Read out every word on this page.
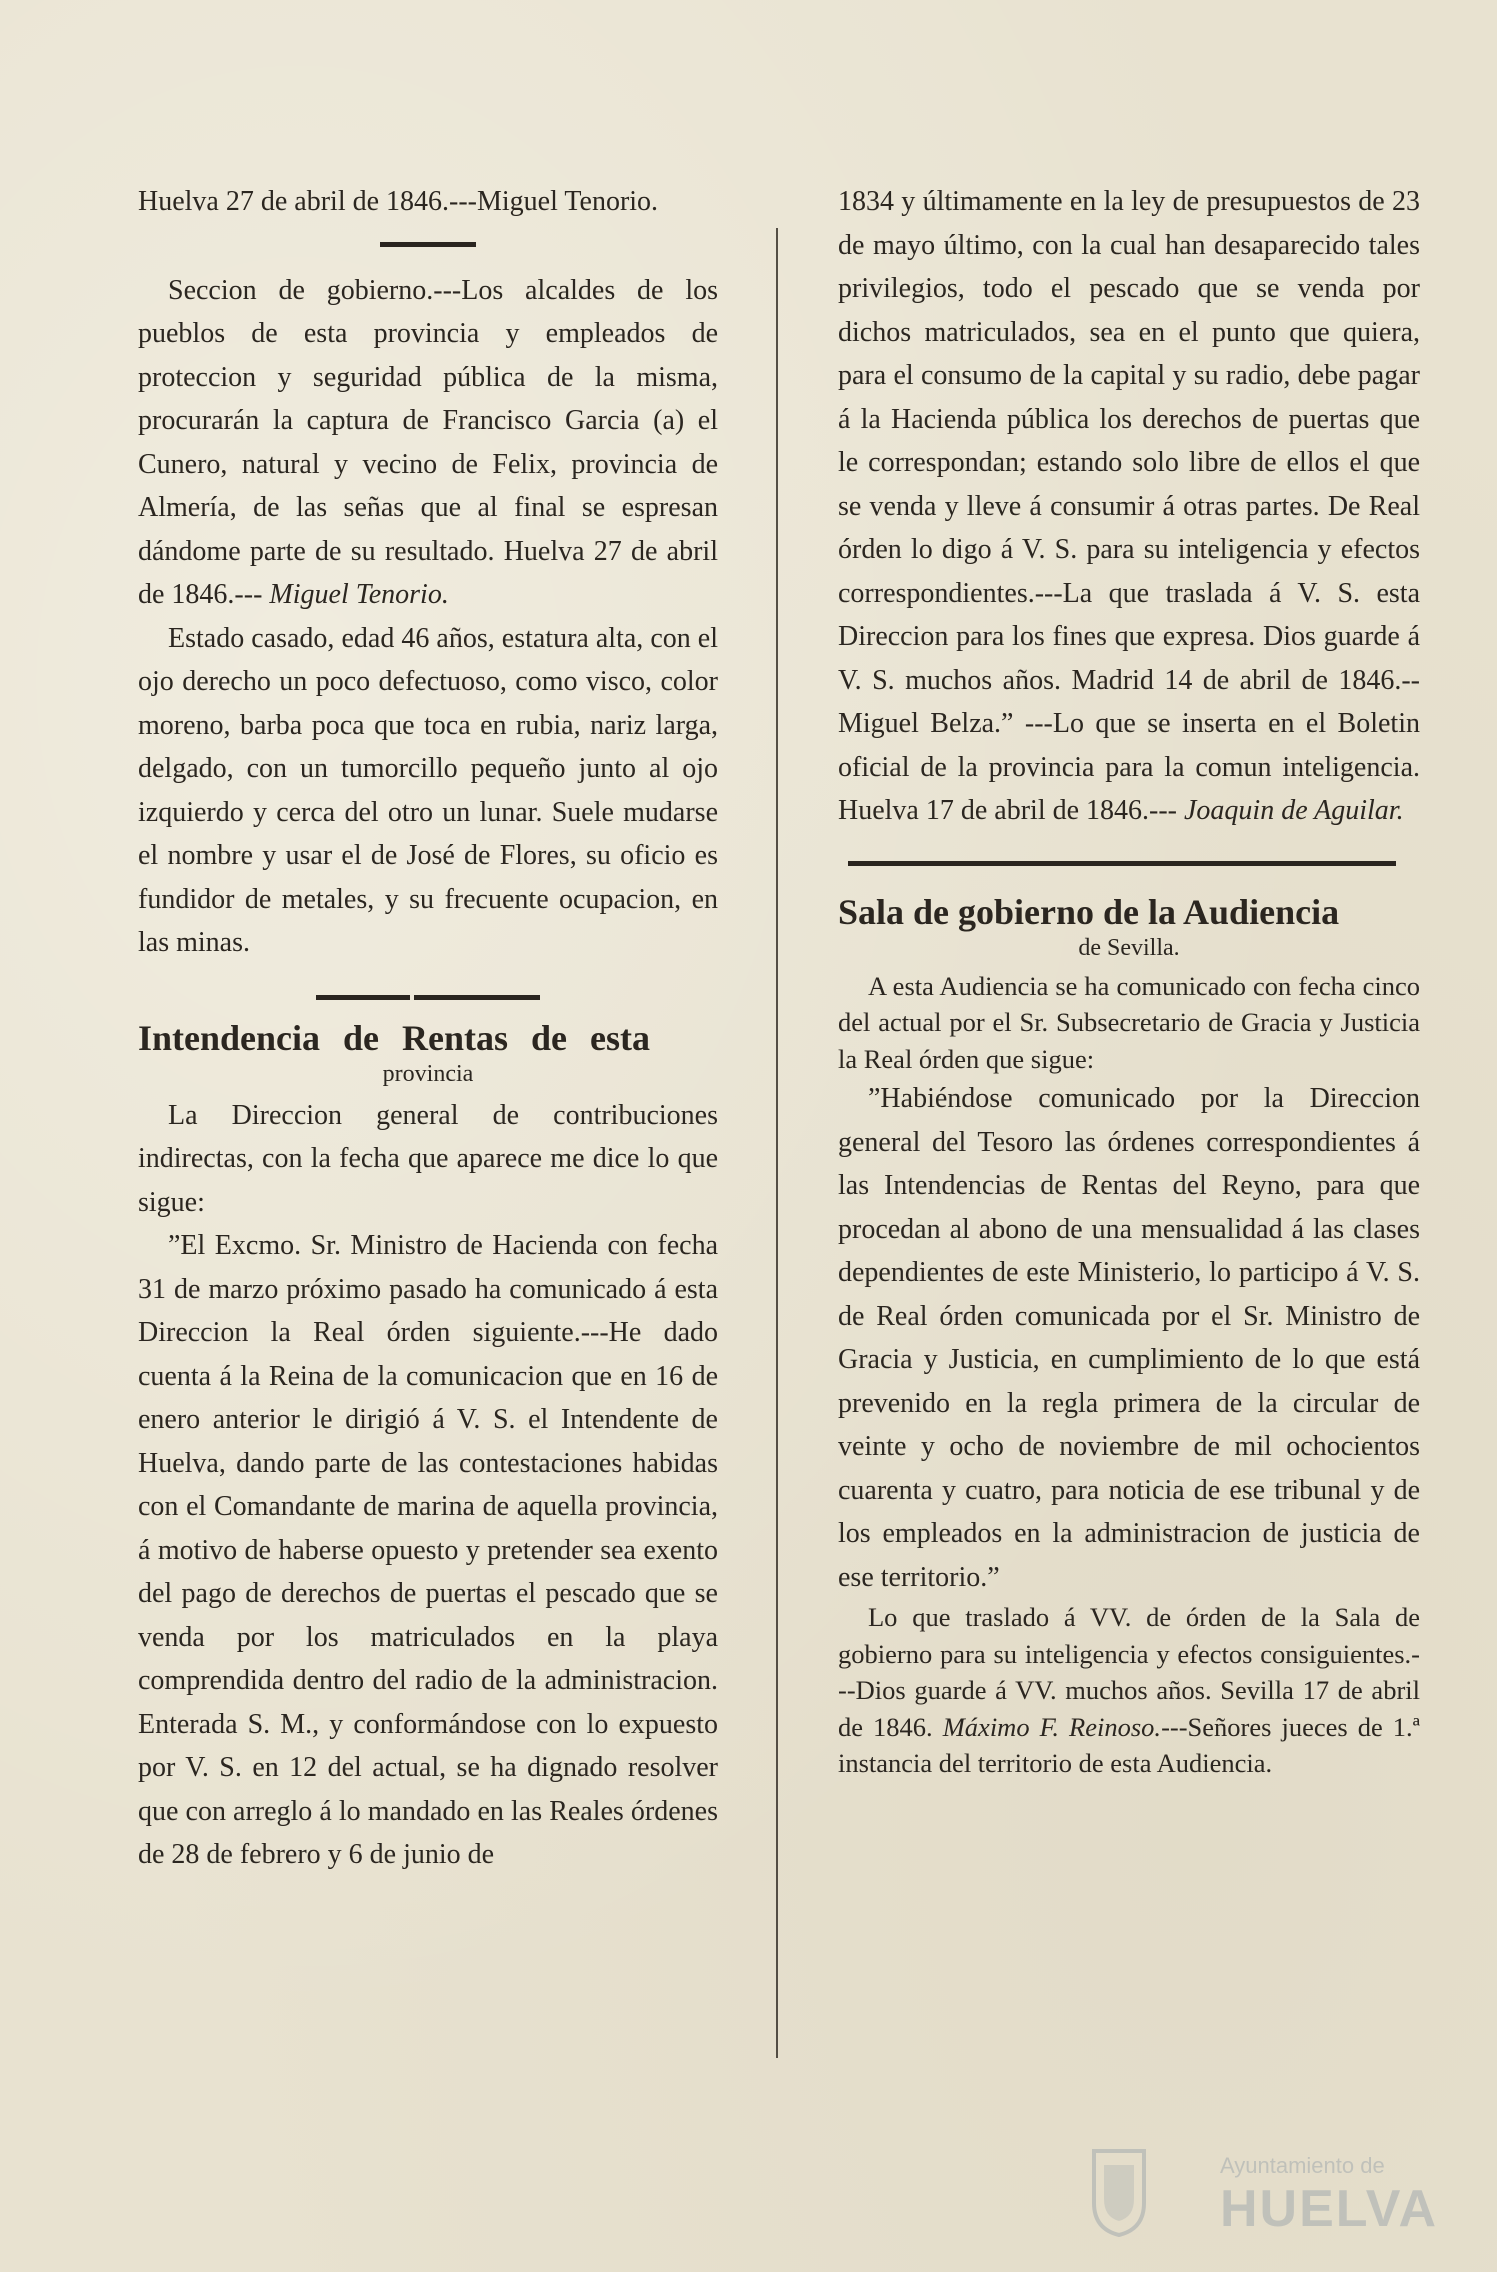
Huelva 27 de abril de 1846.---Miguel Tenorio.

Seccion de gobierno.---Los alcaldes de los pueblos de esta provincia y empleados de proteccion y seguridad pública de la misma, procurarán la captura de Francisco Garcia (a) el Cunero, natural y vecino de Felix, provincia de Almería, de las señas que al final se espresan dándome parte de su resultado. Huelva 27 de abril de 1846.--- Miguel Tenorio.

Estado casado, edad 46 años, estatura alta, con el ojo derecho un poco defectuoso, como visco, color moreno, barba poca que toca en rubia, nariz larga, delgado, con un tumorcillo pequeño junto al ojo izquierdo y cerca del otro un lunar. Suele mudarse el nombre y usar el de José de Flores, su oficio es fundidor de metales, y su frecuente ocupacion, en las minas.

Intendencia de Rentas de esta
provincia

La Direccion general de contribuciones indirectas, con la fecha que aparece me dice lo que sigue:

”El Excmo. Sr. Ministro de Hacienda con fecha 31 de marzo próximo pasado ha comunicado á esta Direccion la Real órden siguiente.---He dado cuenta á la Reina de la comunicacion que en 16 de enero anterior le dirigió á V. S. el Intendente de Huelva, dando parte de las contestaciones habidas con el Comandante de marina de aquella provincia, á motivo de haberse opuesto y pretender sea exento del pago de derechos de puertas el pescado que se venda por los matriculados en la playa comprendida dentro del radio de la administracion. Enterada S. M., y conformándose con lo expuesto por V. S. en 12 del actual, se ha dignado resolver que con arreglo á lo mandado en las Reales órdenes de 28 de febrero y 6 de junio de

1834 y últimamente en la ley de presupuestos de 23 de mayo último, con la cual han desaparecido tales privilegios, todo el pescado que se venda por dichos matriculados, sea en el punto que quiera, para el consumo de la capital y su radio, debe pagar á la Hacienda pública los derechos de puertas que le correspondan; estando solo libre de ellos el que se venda y lleve á consumir á otras partes. De Real órden lo digo á V. S. para su inteligencia y efectos correspondientes.---La que traslada á V. S. esta Direccion para los fines que expresa. Dios guarde á V. S. muchos años. Madrid 14 de abril de 1846.--Miguel Belza.” ---Lo que se inserta en el Boletin oficial de la provincia para la comun inteligencia. Huelva 17 de abril de 1846.--- Joaquin de Aguilar.

Sala de gobierno de la Audiencia
de Sevilla.

A esta Audiencia se ha comunicado con fecha cinco del actual por el Sr. Subsecretario de Gracia y Justicia la Real órden que sigue:

”Habiéndose comunicado por la Direccion general del Tesoro las órdenes correspondientes á las Intendencias de Rentas del Reyno, para que procedan al abono de una mensualidad á las clases dependientes de este Ministerio, lo participo á V. S. de Real órden comunicada por el Sr. Ministro de Gracia y Justicia, en cumplimiento de lo que está prevenido en la regla primera de la circular de veinte y ocho de noviembre de mil ochocientos cuarenta y cuatro, para noticia de ese tribunal y de los empleados en la administracion de justicia de ese territorio.”

Lo que traslado á VV. de órden de la Sala de gobierno para su inteligencia y efectos consiguientes.---Dios guarde á VV. muchos años. Sevilla 17 de abril de 1846. Máximo F. Reinoso.---Señores jueces de 1.ª instancia del territorio de esta Audiencia.

Ayuntamiento de
HUELVA
